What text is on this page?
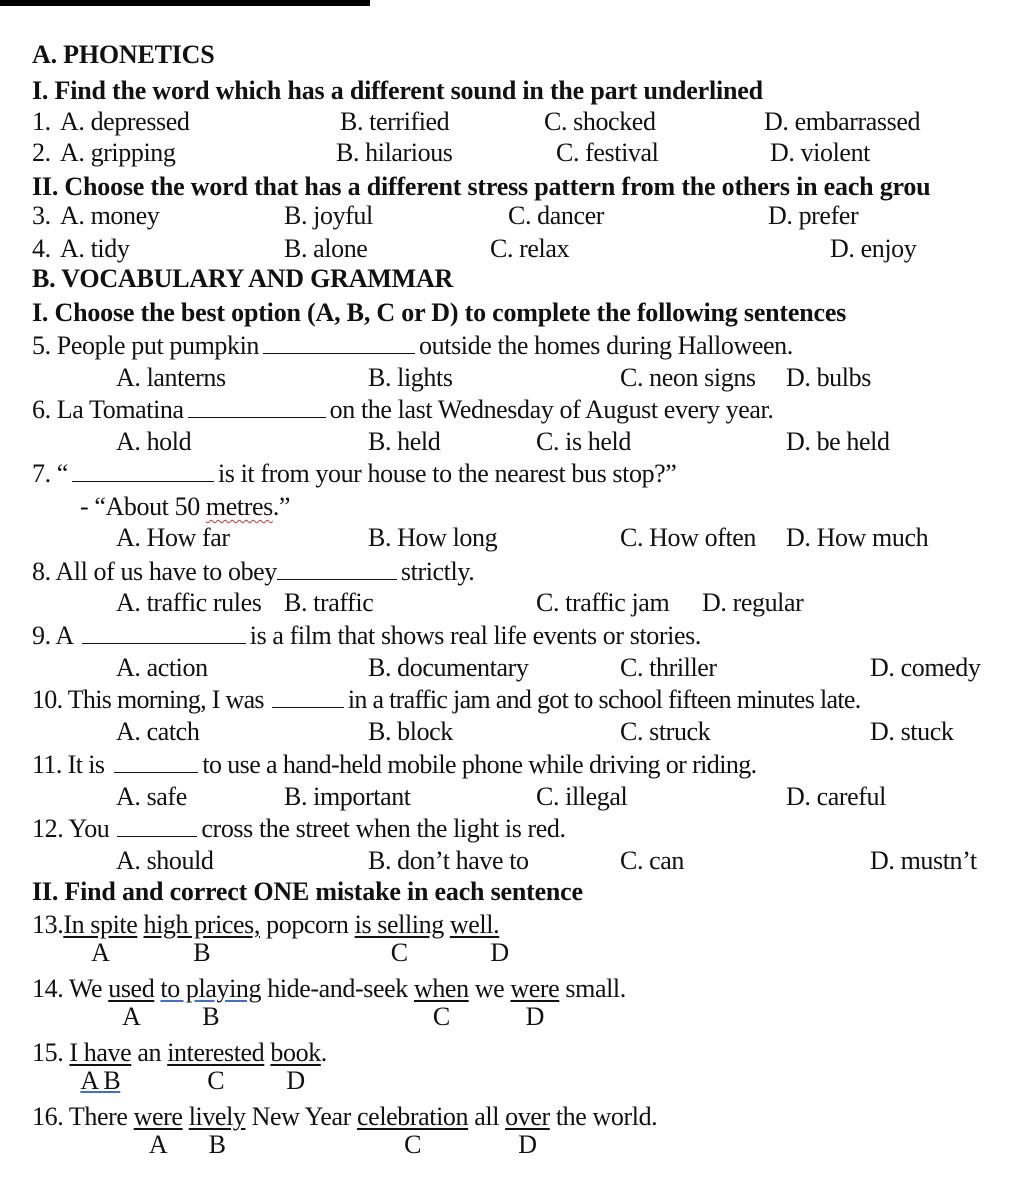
A. PHONETICS
I. Find the word which has a different sound in the part underlined
1. A. depressed	B. terrified	C. shocked	D. embarrassed
2. A. gripping	B. hilarious	C. festival	D. violent
II. Choose the word that has a different stress pattern from the others in each grou
3. A. money	B. joyful	C. dancer	D. prefer
4. A. tidy	B. alone	C. relax	D. enjoy
B. VOCABULARY AND GRAMMAR
I. Choose the best option (A, B, C or D) to complete the following sentences
5. People put pumpkin	outside the homes during Halloween.
A. lanterns	B. lights	C. neon signs D. bulbs
6. La Tomatina	on the last Wednesday of August every year.
A. hold	B. held	C. is held	D. be held
7. “	is it from your house to the nearest bus stop?”
- “About 50 metres.”
A. How far	B. How long	C. How often D. How much
8. All of us have to obey	strictly.
A. traffic rules B. traffic	C. traffic jam D. regular
9. A	is a film that shows real life events or stories.
A. action	B. documentary	C. thriller	D. comedy
10. This morning, I was	in a traffic jam and got to school fifteen minutes late.
A. catch	B. block	C. struck	D. stuck
11. It is	to use a hand-held mobile phone while driving or riding.
A. safe	B. important	C. illegal	D. careful
12. You	cross the street when the light is red.
A. should	B. don’t have to	C. can	D. mustn’t
II. Find and correct ONE mistake in each sentence
13.In spite
A
high prices,
B
popcorn is selling
C
well.
D
14. We used
A
to playing
B
hide-and-seek when
C
we were
D
small.
15. I have
A B
an interested
C
book
D
.
16. There were
A
lively
B
New Year celebration
C
all over
D
the world.
